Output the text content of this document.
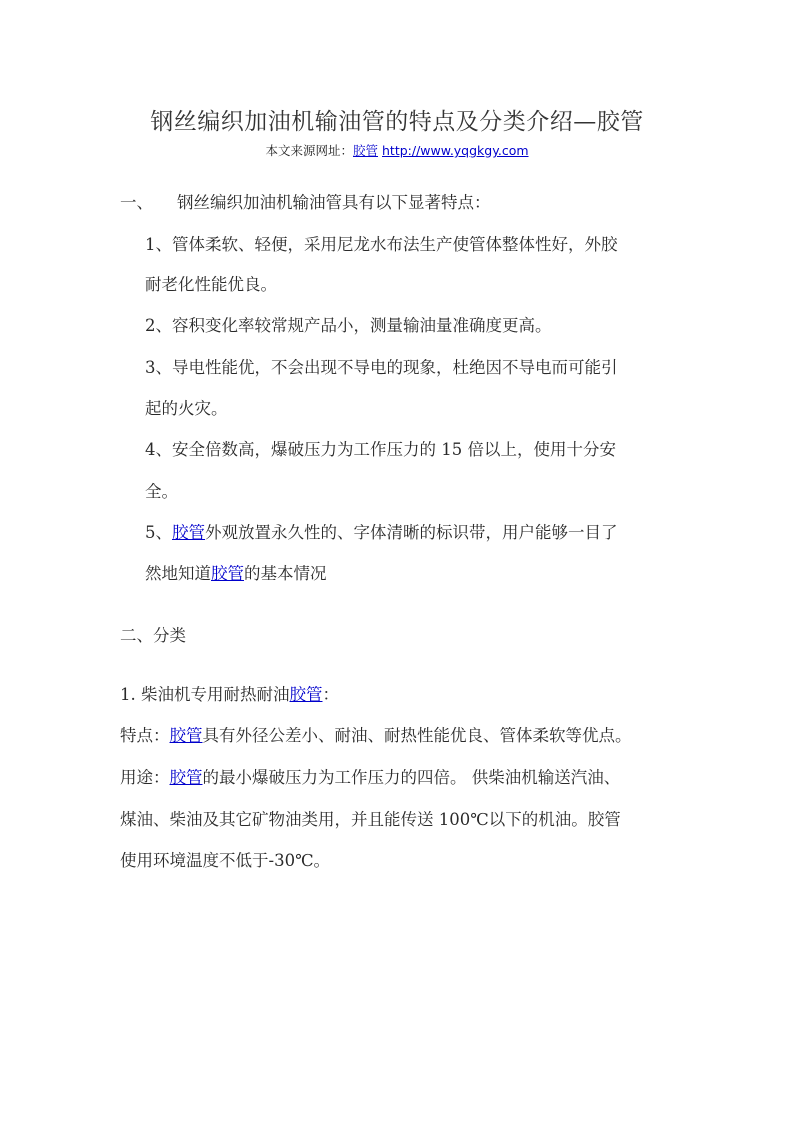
钢丝编织加油机输油管的特点及分类介绍—胶管
本文来源网址：胶管 http://www.yqgkgy.com
一、 钢丝编织加油机输油管具有以下显著特点：
1、管体柔软、轻便，采用尼龙水布法生产使管体整体性好，外胶
耐老化性能优良。
2、容积变化率较常规产品小，测量输油量准确度更高。
3、导电性能优，不会出现不导电的现象，杜绝因不导电而可能引
起的火灾。
4、安全倍数高，爆破压力为工作压力的 15 倍以上，使用十分安
全。
5、胶管外观放置永久性的、字体清晰的标识带，用户能够一目了
然地知道胶管的基本情况
二、分类
1. 柴油机专用耐热耐油胶管：
特点：胶管具有外径公差小、耐油、耐热性能优良、管体柔软等优点。
用途：胶管的最小爆破压力为工作压力的四倍。 供柴油机输送汽油、
煤油、柴油及其它矿物油类用，并且能传送 100℃以下的机油。胶管
使用环境温度不低于-30℃。
